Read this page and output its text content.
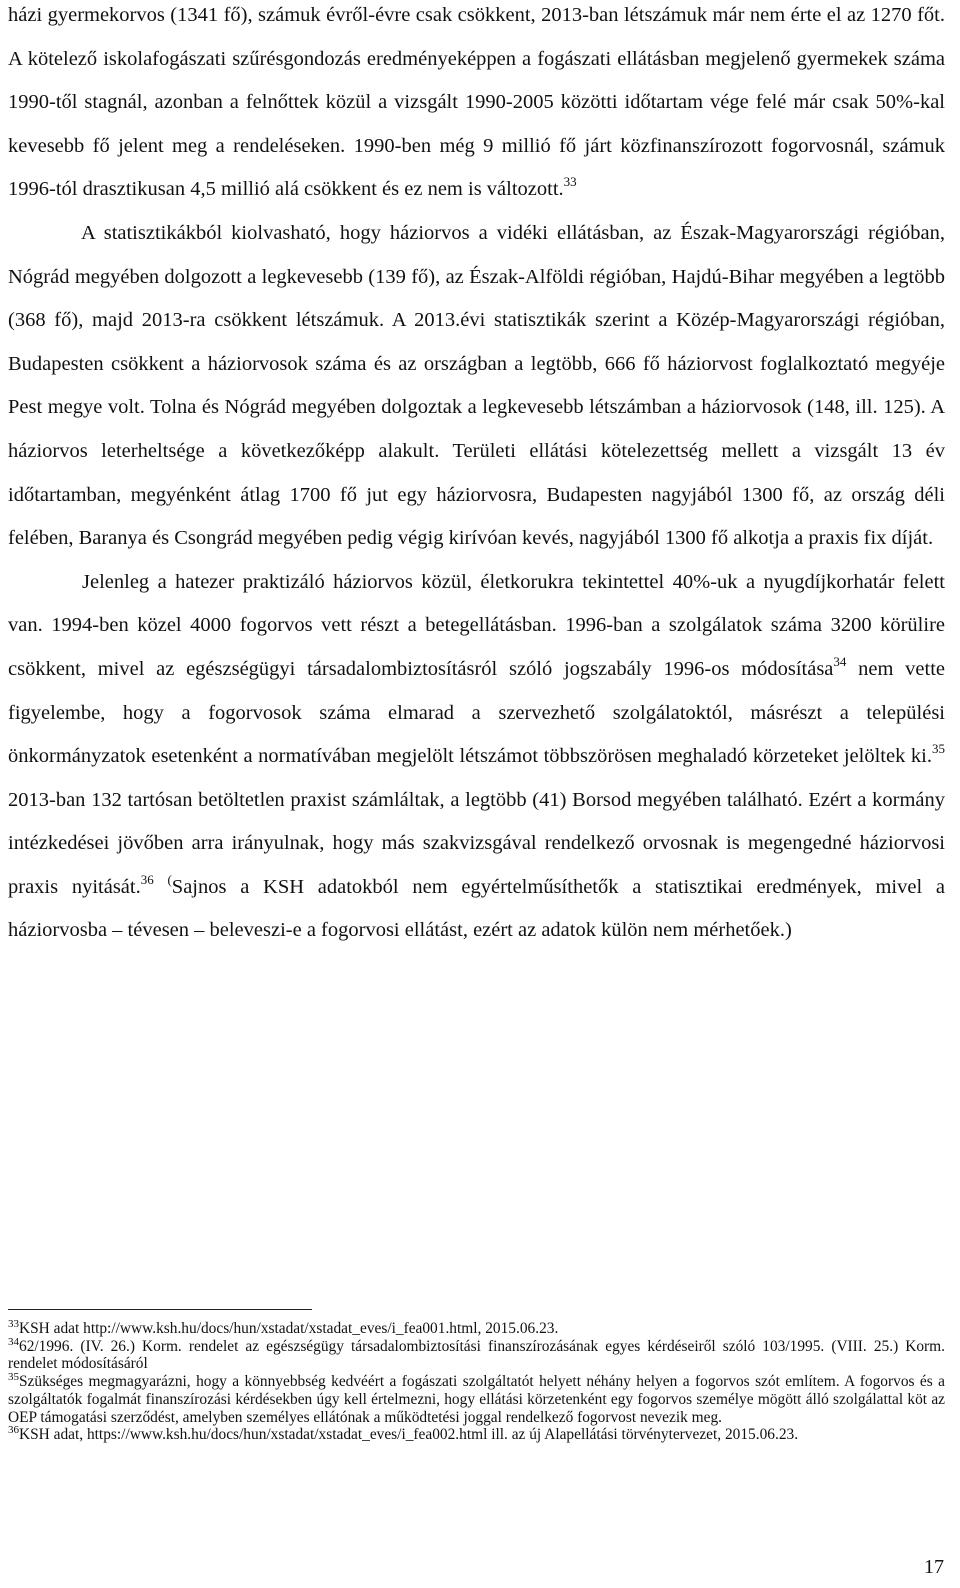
házi gyermekorvos (1341 fő), számuk évről-évre csak csökkent, 2013-ban létszámuk már nem érte el az 1270 főt. A kötelező iskolafogászati szűrésgondozás eredményeképpen a fogászati ellátásban megjelenő gyermekek száma 1990-től stagnál, azonban a felnőttek közül a vizsgált 1990-2005 közötti időtartam vége felé már csak 50%-kal kevesebb fő jelent meg a rendeléseken. 1990-ben még 9 millió fő járt közfinanszírozott fogorvosnál, számuk 1996-tól drasztikusan 4,5 millió alá csökkent és ez nem is változott.$^{33}$

A statisztikákból kiolvasható, hogy háziorvos a vidéki ellátásban, az Észak-Magyarországi régióban, Nógrád megyében dolgozott a legkevesebb (139 fő), az Észak-Alföldi régióban, Hajdú-Bihar megyében a legtöbb (368 fő), majd 2013-ra csökkent létszámuk. A 2013.évi statisztikák szerint a Közép-Magyarországi régióban, Budapesten csökkent a háziorvosok száma és az országban a legtöbb, 666 fő háziorvost foglalkoztató megyéje Pest megye volt. Tolna és Nógrád megyében dolgoztak a legkevesebb létszámban a háziorvosok (148, ill. 125). A háziorvos leterheltsége a következőképp alakult. Területi ellátási kötelezettség mellett a vizsgált 13 év időtartamban, megyénként átlag 1700 fő jut egy háziorvosra, Budapesten nagyjából 1300 fő, az ország déli felében, Baranya és Csongrád megyében pedig végig kirívóan kevés, nagyjából 1300 fő alkotja a praxis fix díját.

Jelenleg a hatezer praktizáló háziorvos közül, életkorukra tekintettel 40%-uk a nyugdíjkorhatár felett van. 1994-ben közel 4000 fogorvos vett részt a betegellátásban. 1996-ban a szolgálatok száma 3200 körülire csökkent, mivel az egészségügyi társadalombiztosításról szóló jogszabály 1996-os módosítása$^{34}$ nem vette figyelembe, hogy a fogorvosok száma elmarad a szervezhető szolgálatoktól, másrészt a települési önkormányzatok esetenként a normatívában megjelölt létszámot többszörösen meghaladó körzeteket jelöltek ki.$^{35}$ 2013-ban 132 tartósan betöltetlen praxist számláltak, a legtöbb (41) Borsod megyében található. Ezért a kormány intézkedései jövőben arra irányulnak, hogy más szakvizsgával rendelkező orvosnak is megengedné háziorvosi praxis nyitását.$^{36}$ (Sajnos a KSH adatokból nem egyértelműsíthetők a statisztikai eredmények, mivel a háziorvosba – tévesen – beleveszi-e a fogorvosi ellátást, ezért az adatok külön nem mérhetőek.)

$^{33}$KSH adat http://www.ksh.hu/docs/hun/xstadat/xstadat_eves/i_fea001.html, 2015.06.23.

$^{34}$62/1996. (IV. 26.) Korm. rendelet az egészségügy társadalombiztosítási finanszírozásának egyes kérdéseiről szóló 103/1995. (VIII. 25.) Korm. rendelet módosításáról

$^{35}$Szükséges megmagyarázni, hogy a könnyebbség kedvéért a fogászati szolgáltatót helyett néhány helyen a fogorvos szót említem. A fogorvos és a szolgáltatók fogalmát finanszírozási kérdésekben úgy kell értelmezni, hogy ellátási körzetenként egy fogorvos személye mögött álló szolgálattal köt az OEP támogatási szerződést, amelyben személyes ellátónak a működtetési joggal rendelkező fogorvost nevezik meg.

$^{36}$KSH adat, https://www.ksh.hu/docs/hun/xstadat/xstadat_eves/i_fea002.html ill. az új Alapellátási törvénytervezet, 2015.06.23.

17
